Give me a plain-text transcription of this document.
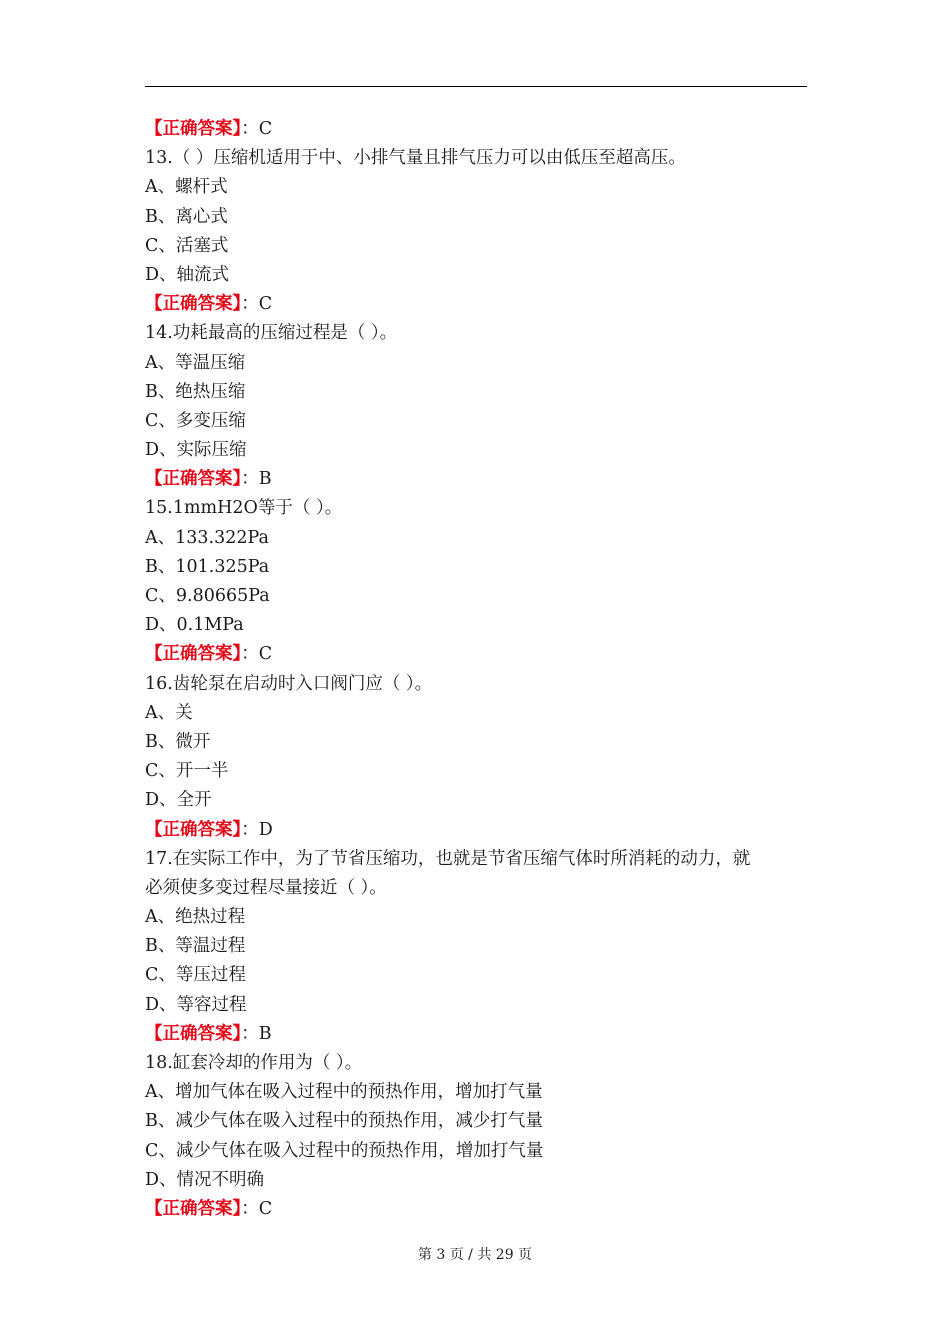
【正确答案】：C
13.（ ）压缩机适用于中、小排气量且排气压力可以由低压至超高压。
A、螺杆式
B、离心式
C、活塞式
D、轴流式
【正确答案】：C
14.功耗最高的压缩过程是（ ）。
A、等温压缩
B、绝热压缩
C、多变压缩
D、实际压缩
【正确答案】：B
15.1mmH2O等于（ ）。
A、133.322Pa
B、101.325Pa
C、9.80665Pa
D、0.1MPa
【正确答案】：C
16.齿轮泵在启动时入口阀门应（ ）。
A、关
B、微开
C、开一半
D、全开
【正确答案】：D
17.在实际工作中，为了节省压缩功，也就是节省压缩气体时所消耗的动力，就
必须使多变过程尽量接近（ ）。
A、绝热过程
B、等温过程
C、等压过程
D、等容过程
【正确答案】：B
18.缸套冷却的作用为（ ）。
A、增加气体在吸入过程中的预热作用，增加打气量
B、减少气体在吸入过程中的预热作用，减少打气量
C、减少气体在吸入过程中的预热作用，增加打气量
D、情况不明确
【正确答案】：C
第 3 页 / 共 29 页
